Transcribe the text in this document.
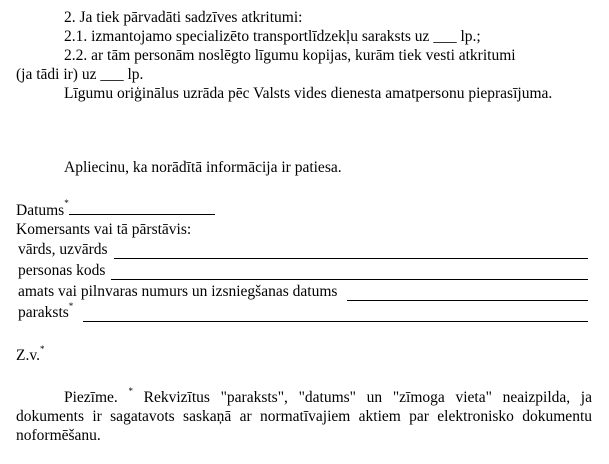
2. Ja tiek pārvadāti sadzīves atkritumi:
2.1. izmantojamo specializēto transportlīdzekļu saraksts uz ___ lp.;
2.2. ar tām personām noslēgto līgumu kopijas, kurām tiek vesti atkritumi
(ja tādi ir) uz ___ lp.
Līgumu oriģinālus uzrāda pēc Valsts vides dienesta amatpersonu pieprasījuma.
Apliecinu, ka norādītā informācija ir patiesa.
Datums*
Komersants vai tā pārstāvis:
vārds, uzvārds
personas kods
amats vai pilnvaras numurs un izsniegšanas datums
paraksts*
Z.v.*
Piezīme. * Rekvizītus "paraksts", "datums" un "zīmoga vieta" neaizpilda, ja dokuments ir sagatavots saskaņā ar normatīvajiem aktiem par elektronisko dokumentu noformēšanu.
